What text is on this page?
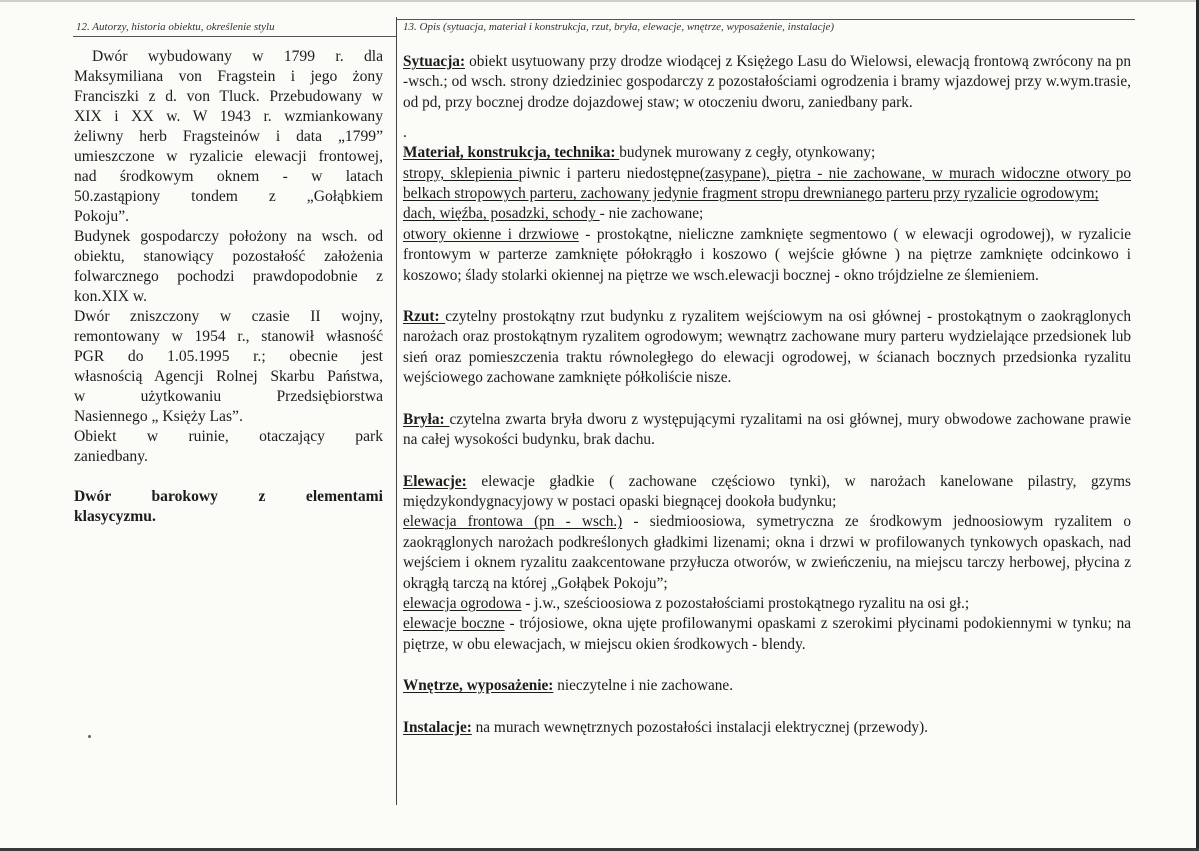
12. Autorzy, historia obiektu, określenie stylu	13. Opis (sytuacja, materiał i konstrukcja, rzut, bryła, elewacje, wnętrze, wyposażenie, instalacje)

Dwór wybudowany w 1799 r. dla

Maksymiliana von Fragstein i jego żony

Franciszki z d. von Tluck. Przebudowany w

XIX i XX w. W 1943 r. wzmiankowany

żeliwny herb Fragsteinów i data „1799”

umieszczone w ryzalicie elewacji frontowej,

nad środkowym oknem - w latach

50.zastąpiony tondem z „Gołąbkiem

Pokoju”.

Budynek gospodarczy położony na wsch. od

obiektu, stanowiący pozostałość założenia

folwarcznego pochodzi prawdopodobnie z

kon.XIX w.

Dwór zniszczony w czasie II wojny,

remontowany w 1954 r., stanowił własność

PGR do 1.05.1995 r.; obecnie jest

własnością Agencji Rolnej Skarbu Państwa,

w użytkowaniu Przedsiębiorstwa

Nasiennego „ Księży Las”.

Obiekt w ruinie, otaczający park

zaniedbany.

Dwór barokowy z elementami

klasycyzmu.

Sytuacja: obiekt usytuowany przy drodze wiodącej z Księżego Lasu do Wielowsi, elewacją frontową zwrócony na pn -wsch.; od wsch. strony dziedziniec gospodarczy z pozostałościami ogrodzenia i bramy wjazdowej przy w.wym.trasie, od pd, przy bocznej drodze dojazdowej staw; w otoczeniu dworu, zaniedbany park.

.

Materiał, konstrukcja, technika: budynek murowany z cegły, otynkowany;

stropy, sklepienia piwnic i parteru niedostępne(zasypane), piętra - nie zachowane, w murach widoczne otwory po belkach stropowych parteru, zachowany jedynie fragment stropu drewnianego parteru przy ryzalicie ogrodowym;

dach, więźba, posadzki, schody - nie zachowane;

otwory okienne i drzwiowe - prostokątne, nieliczne zamknięte segmentowo ( w elewacji ogrodowej), w ryzalicie frontowym w parterze zamknięte półokrągło i koszowo ( wejście główne ) na piętrze zamknięte odcinkowo i koszowo; ślady stolarki okiennej na piętrze we wsch.elewacji bocznej - okno trójdzielne ze ślemieniem.

Rzut: czytelny prostokątny rzut budynku z ryzalitem wejściowym na osi głównej - prostokątnym o zaokrąglonych narożach oraz prostokątnym ryzalitem ogrodowym; wewnątrz zachowane mury parteru wydzielające przedsionek lub sień oraz pomieszczenia traktu równoległego do elewacji ogrodowej, w ścianach bocznych przedsionka ryzalitu wejściowego zachowane zamknięte półkoliście nisze.

Bryła: czytelna zwarta bryła dworu z występującymi ryzalitami na osi głównej, mury obwodowe zachowane prawie na całej wysokości budynku, brak dachu.

Elewacje: elewacje gładkie ( zachowane częściowo tynki), w narożach kanelowane pilastry, gzyms międzykondygnacyjowy w postaci opaski biegnącej dookoła budynku;

elewacja frontowa (pn - wsch.) - siedmioosiowa, symetryczna ze środkowym jednoosiowym ryzalitem o zaokrąglonych narożach podkreślonych gładkimi lizenami; okna i drzwi w profilowanych tynkowych opaskach, nad wejściem i oknem ryzalitu zaakcentowane przyłucza otworów, w zwieńczeniu, na miejscu tarczy herbowej, płycina z okrągłą tarczą na której „Gołąbek Pokoju”;

elewacja ogrodowa - j.w., sześcioosiowa z pozostałościami prostokątnego ryzalitu na osi gł.;

elewacje boczne - trójosiowe, okna ujęte profilowanymi opaskami z szerokimi płycinami podokiennymi w tynku; na piętrze, w obu elewacjach, w miejscu okien środkowych - blendy.

Wnętrze, wyposażenie: nieczytelne i nie zachowane.

Instalacje: na murach wewnętrznych pozostałości instalacji elektrycznej (przewody).
